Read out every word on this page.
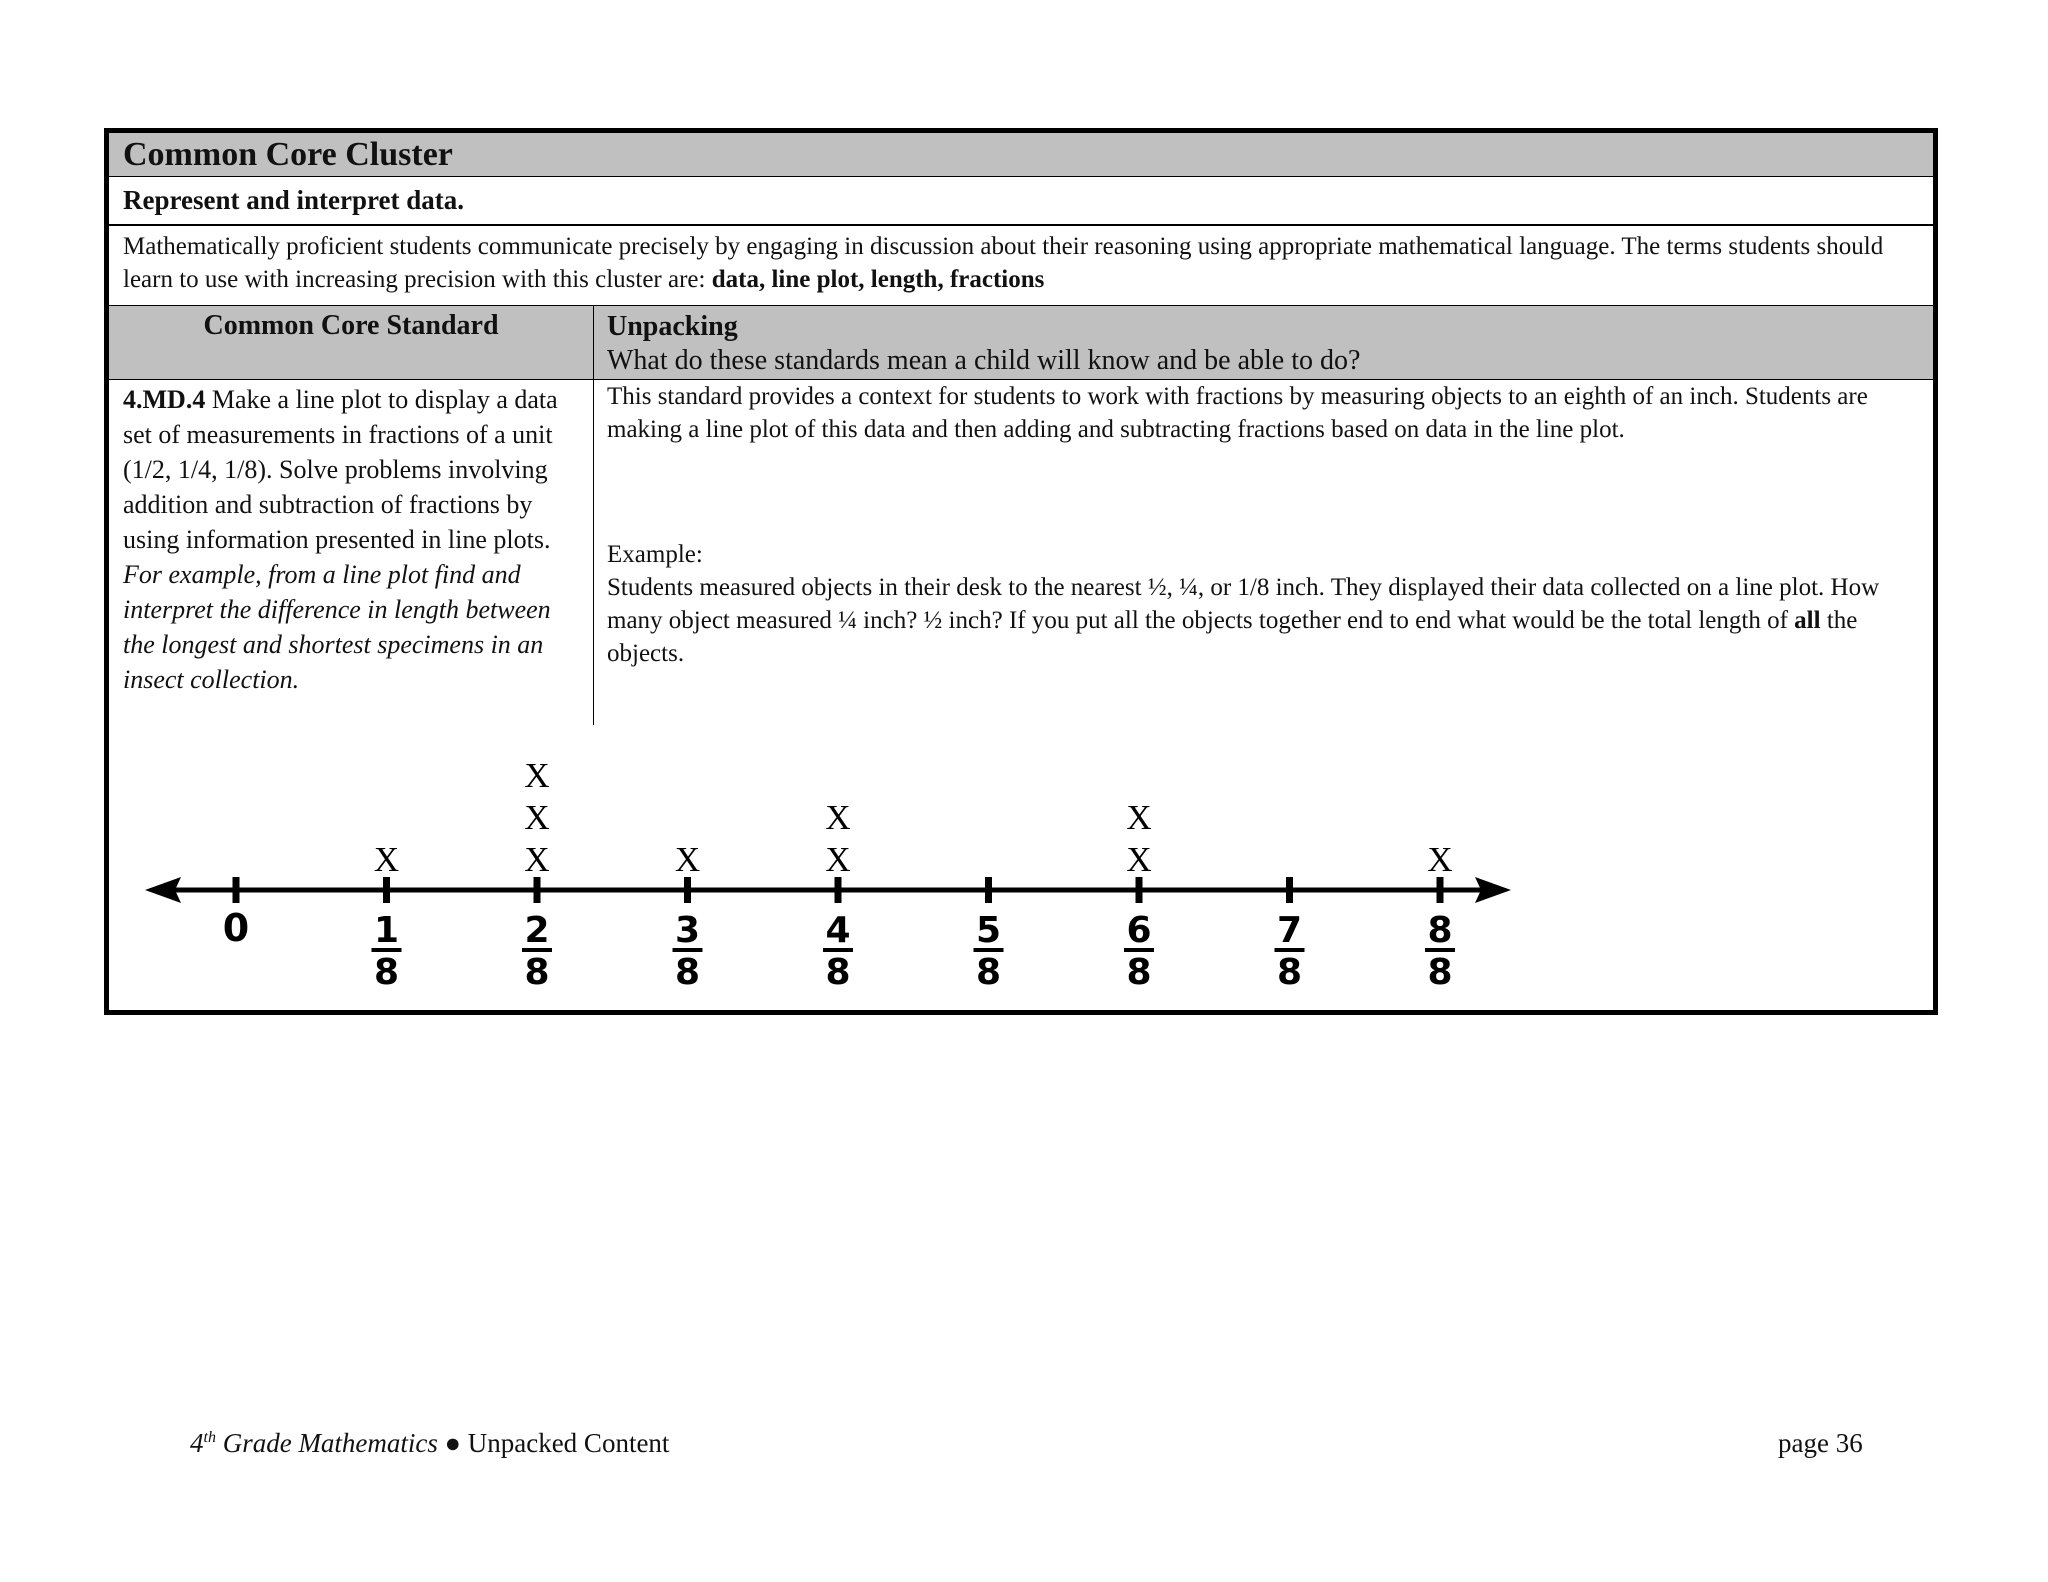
Common Core Cluster
Represent and interpret data.
Mathematically proficient students communicate precisely by engaging in discussion about their reasoning using appropriate mathematical language. The terms students should learn to use with increasing precision with this cluster are: data, line plot, length, fractions
Common Core Standard	Unpacking
What do these standards mean a child will know and be able to do?
4.MD.4 Make a line plot to display a data set of measurements in fractions of a unit (1/2, 1/4, 1/8). Solve problems involving addition and subtraction of fractions by using information presented in line plots.
For example, from a line plot find and interpret the difference in length between the longest and shortest specimens in an insect collection.

This standard provides a context for students to work with fractions by measuring objects to an eighth of an inch. Students are making a line plot of this data and then adding and subtracting fractions based on data in the line plot.

Example:

Students measured objects in their desk to the nearest ½, ¼, or 1/8 inch. They displayed their data collected on a line plot. How many object measured ¼ inch? ½ inch? If you put all the objects together end to end what would be the total length of all the objects.

0	1
8
X
2
8
X
X
X
3
8
X
4
8
X
X
5
8
6
8
X
X
7
8
8
8
X
4th Grade Mathematics ● Unpacked Content	page 36
